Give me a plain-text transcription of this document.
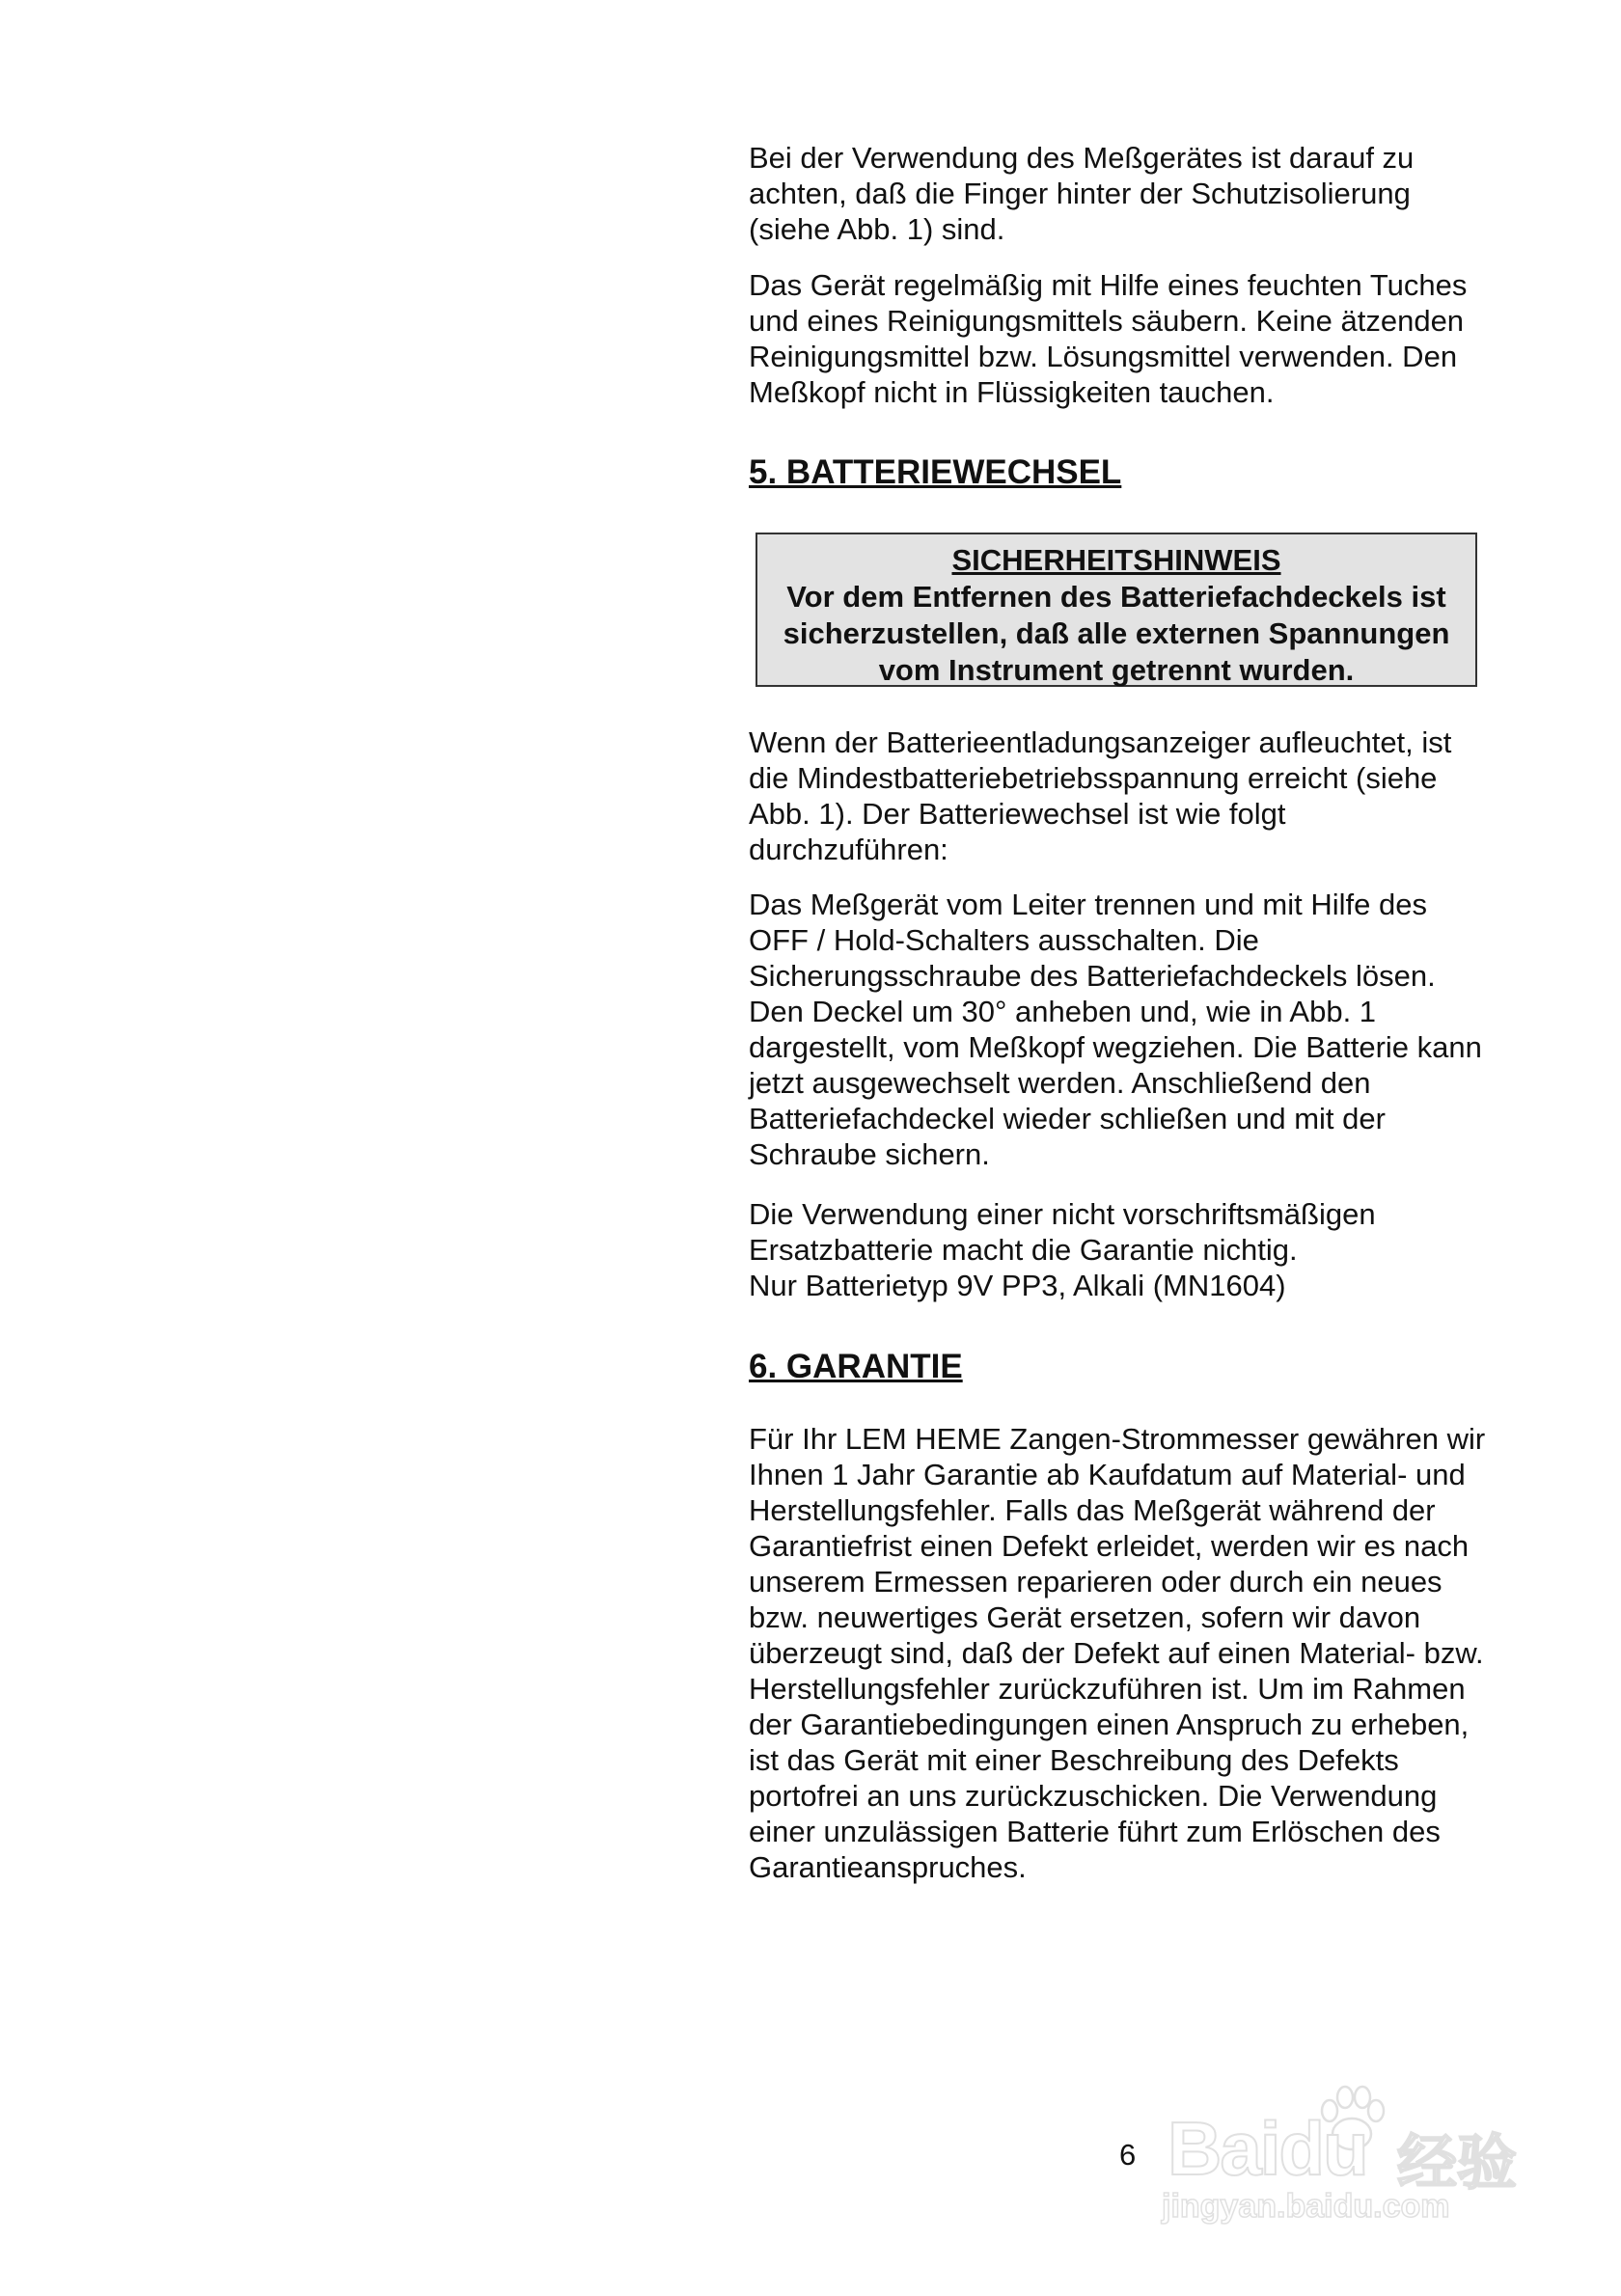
Bei der Verwendung des Meßgerätes ist darauf zu
achten, daß die Finger hinter der Schutzisolierung
(siehe Abb. 1) sind.
Das Gerät regelmäßig mit Hilfe eines feuchten Tuches
und eines Reinigungsmittels säubern. Keine ätzenden
Reinigungsmittel bzw. Lösungsmittel verwenden. Den
Meßkopf nicht in Flüssigkeiten tauchen.
5. BATTERIEWECHSEL
SICHERHEITSHINWEIS
Vor dem Entfernen des Batteriefachdeckels ist
sicherzustellen, daß alle externen Spannungen
vom Instrument getrennt wurden.
Wenn der Batterieentladungsanzeiger aufleuchtet, ist
die Mindestbatteriebetriebsspannung erreicht (siehe
Abb. 1). Der Batteriewechsel ist wie folgt
durchzuführen:
Das Meßgerät vom Leiter trennen und mit Hilfe des
OFF / Hold-Schalters ausschalten. Die
Sicherungsschraube des Batteriefachdeckels lösen.
Den Deckel um 30° anheben und, wie in Abb. 1
dargestellt, vom Meßkopf wegziehen. Die Batterie kann
jetzt ausgewechselt werden. Anschließend den
Batteriefachdeckel wieder schließen und mit der
Schraube sichern.
Die Verwendung einer nicht vorschriftsmäßigen
Ersatzbatterie macht die Garantie nichtig.
Nur Batterietyp 9V PP3, Alkali (MN1604)
6. GARANTIE
Für Ihr LEM HEME Zangen-Strommesser gewähren wir
Ihnen 1 Jahr Garantie ab Kaufdatum auf Material- und
Herstellungsfehler. Falls das Meßgerät während der
Garantiefrist einen Defekt erleidet, werden wir es nach
unserem Ermessen reparieren oder durch ein neues
bzw. neuwertiges Gerät ersetzen, sofern wir davon
überzeugt sind, daß der Defekt auf einen Material- bzw.
Herstellungsfehler zurückzuführen ist. Um im Rahmen
der Garantiebedingungen einen Anspruch zu erheben,
ist das Gerät mit einer Beschreibung des Defekts
portofrei an uns zurückzuschicken. Die Verwendung
einer unzulässigen Batterie führt zum Erlöschen des
Garantieanspruches.
6 Baidu 经验
jingyan.baidu.com
